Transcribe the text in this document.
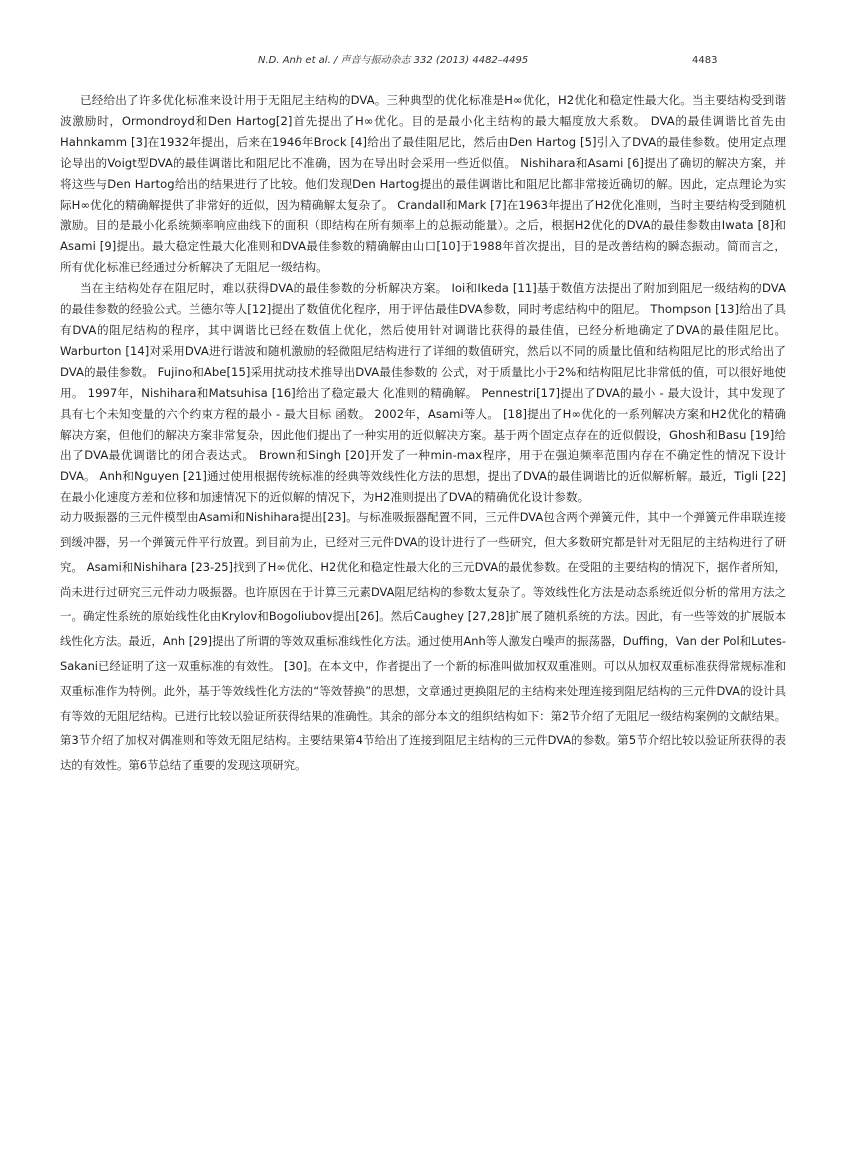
N.D. Anh et al. / 声音与振动杂志 332 (2013) 4482–4495	4483

已经给出了许多优化标准来设计用于无阻尼主结构的DVA。三种典型的优化标准是H∞优化，H2优化和稳定性最大化。当主要结构受到谐波激励时，Ormondroyd和Den Hartog[2]首先提出了H∞优化。目的是最小化主结构的最大幅度放大系数。 DVA的最佳调谐比首先由Hahnkamm [3]在1932年提出，后来在1946年Brock [4]给出了最佳阻尼比，然后由Den Hartog [5]引入了DVA的最佳参数。使用定点理论导出的Voigt型DVA的最佳调谐比和阻尼比不准确，因为在导出时会采用一些近似值。 Nishihara和Asami [6]提出了确切的解决方案，并将这些与Den Hartog给出的结果进行了比较。他们发现Den Hartog提出的最佳调谐比和阻尼比都非常接近确切的解。因此，定点理论为实际H∞优化的精确解提供了非常好的近似，因为精确解太复杂了。 Crandall和Mark [7]在1963年提出了H2优化准则，当时主要结构受到随机激励。目的是最小化系统频率响应曲线下的面积（即结构在所有频率上的总振动能量）。之后，根据H2优化的DVA的最佳参数由Iwata [8]和Asami [9]提出。最大稳定性最大化准则和DVA最佳参数的精确解由山口[10]于1988年首次提出，目的是改善结构的瞬态振动。简而言之，所有优化标准已经通过分析解决了无阻尼一级结构。

当在主结构处存在阻尼时，难以获得DVA的最佳参数的分析解决方案。 Ioi和Ikeda [11]基于数值方法提出了附加到阻尼一级结构的DVA的最佳参数的经验公式。兰德尔等人[12]提出了数值优化程序，用于评估最佳DVA参数，同时考虑结构中的阻尼。 Thompson [13]给出了具有DVA的阻尼结构的程序，其中调谐比已经在数值上优化，然后使用针对调谐比获得的最佳值，已经分析地确定了DVA的最佳阻尼比。 Warburton [14]对采用DVA进行谐波和随机激励的轻微阻尼结构进行了详细的数值研究，然后以不同的质量比值和结构阻尼比的形式给出了DVA的最佳参数。 Fujino和Abe[15]采用扰动技术推导出DVA最佳参数的 公式，对于质量比小于2%和结构阻尼比非常低的值，可以很好地使用。 1997年，Nishihara和Matsuhisa [16]给出了稳定最大 化准则的精确解。 Pennestri[17]提出了DVA的最小 - 最大设计，其中发现了具有七个未知变量的六个约束方程的最小 - 最大目标 函数。 2002年，Asami等人。 [18]提出了H∞优化的一系列解决方案和H2优化的精确解决方案，但他们的解决方案非常复杂，因此他们提出了一种实用的近似解决方案。基于两个固定点存在的近似假设，Ghosh和Basu [19]给出了DVA最优调谐比的闭合表达式。 Brown和Singh [20]开发了一种min-max程序，用于在强迫频率范围内存在不确定性的情况下设计DVA。 Anh和Nguyen [21]通过使用根据传统标准的经典等效线性化方法的思想，提出了DVA的最佳调谐比的近似解析解。最近，Tigli [22]在最小化速度方差和位移和加速情况下的近似解的情况下，为H2准则提出了DVA的精确优化设计参数。

动力吸振器的三元件模型由Asami和Nishihara提出[23]。与标准吸振器配置不同，三元件DVA包含两个弹簧元件，其中一个弹簧元件串联连接到缓冲器，另一个弹簧元件平行放置。到目前为止，已经对三元件DVA的设计进行了一些研究，但大多数研究都是针对无阻尼的主结构进行了研究。 Asami和Nishihara [23-25]找到了H∞优化、H2优化和稳定性最大化的三元DVA的最优参数。在受阻的主要结构的情况下，据作者所知，尚未进行过研究三元件动力吸振器。也许原因在于计算三元素DVA阻尼结构的参数太复杂了。等效线性化方法是动态系统近似分析的常用方法之一。确定性系统的原始线性化由Krylov和Bogoliubov提出[26]。然后Caughey [27,28]扩展了随机系统的方法。因此，有一些等效的扩展版本线性化方法。最近，Anh [29]提出了所谓的等效双重标准线性化方法。通过使用Anh等人激发白噪声的振荡器，Duffing，Van der Pol和Lutes-Sakani已经证明了这一双重标准的有效性。 [30]。在本文中，作者提出了一个新的标准叫做加权双重准则。可以从加权双重标准获得常规标准和双重标准作为特例。此外，基于等效线性化方法的“等效替换”的思想，文章通过更换阻尼的主结构来处理连接到阻尼结构的三元件DVA的设计具有等效的无阻尼结构。已进行比较以验证所获得结果的准确性。其余的部分本文的组织结构如下：第2节介绍了无阻尼一级结构案例的文献结果。第3节介绍了加权对偶准则和等效无阻尼结构。主要结果第4节给出了连接到阻尼主结构的三元件DVA的参数。第5节介绍比较以验证所获得的表达的有效性。第6节总结了重要的发现这项研究。
